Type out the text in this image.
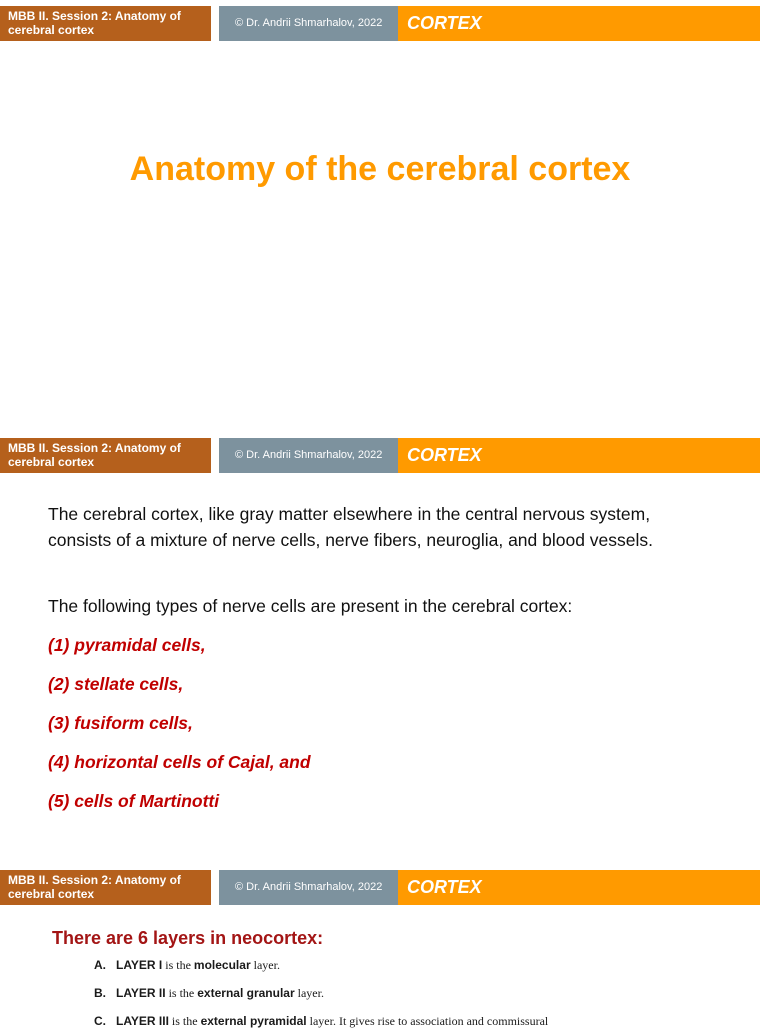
MBB II. Session 2: Anatomy of cerebral cortex	© Dr. Andrii Shmarhalov, 2022	CORTEX
Anatomy of the cerebral cortex
MBB II. Session 2: Anatomy of cerebral cortex	© Dr. Andrii Shmarhalov, 2022	CORTEX

The cerebral cortex, like gray matter elsewhere in the central nervous system, consists of a mixture of nerve cells, nerve fibers, neuroglia, and blood vessels.

The following types of nerve cells are present in the cerebral cortex:

(1) pyramidal cells,

(2) stellate cells,

(3) fusiform cells,

(4) horizontal cells of Cajal, and

(5) cells of Martinotti

MBB II. Session 2: Anatomy of cerebral cortex	© Dr. Andrii Shmarhalov, 2022	CORTEX
There are 6 layers in neocortex:

A. LAYER I is the molecular layer.

B. LAYER II is the external granular layer.

C. LAYER III is the external pyramidal layer. It gives rise to association and commissural
